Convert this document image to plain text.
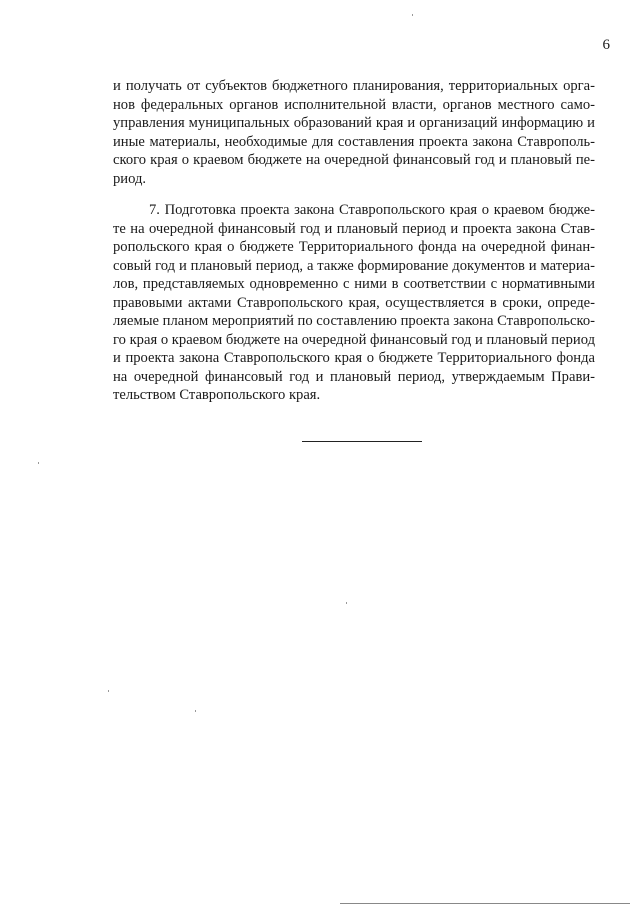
6
и получать от субъектов бюджетного планирования, территориальных орга-
нов федеральных органов исполнительной власти, органов местного само-
управления муниципальных образований края и организаций информацию и
иные материалы, необходимые для составления проекта закона Ставрополь-
ского края о краевом бюджете на очередной финансовый год и плановый пе-
риод.
7. Подготовка проекта закона Ставропольского края о краевом бюдже-
те на очередной финансовый год и плановый период и проекта закона Став-
ропольского края о бюджете Территориального фонда на очередной финан-
совый год и плановый период, а также формирование документов и материа-
лов, представляемых одновременно с ними в соответствии с нормативными
правовыми актами Ставропольского края, осуществляется в сроки, опреде-
ляемые планом мероприятий по составлению проекта закона Ставропольско-
го края о краевом бюджете на очередной финансовый год и плановый период
и проекта закона Ставропольского края о бюджете Территориального фонда
на очередной финансовый год и плановый период, утверждаемым Прави-
тельством Ставропольского края.
